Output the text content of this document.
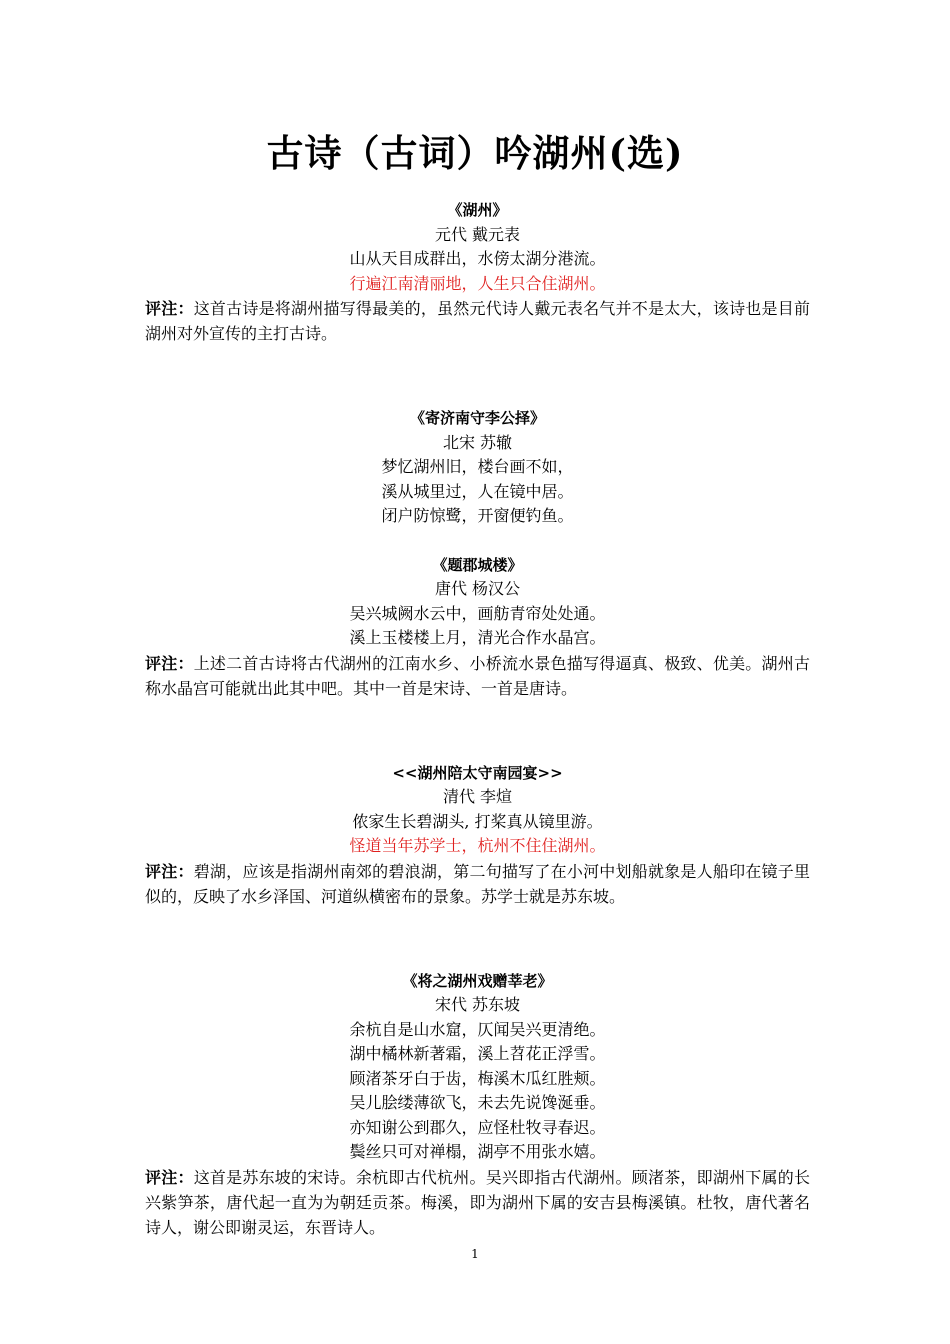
古诗（古词）吟湖州(选)

《湖州》

元代 戴元表

山从天目成群出，水傍太湖分港流。

行遍江南清丽地，人生只合住湖州。

评注：这首古诗是将湖州描写得最美的，虽然元代诗人戴元表名气并不是太大，该诗也是目前湖州对外宣传的主打古诗。

《寄济南守李公择》

北宋 苏辙

梦忆湖州旧，楼台画不如，

溪从城里过，人在镜中居。

闭户防惊鹭，开窗便钓鱼。

《题郡城楼》

唐代 杨汉公

吴兴城阙水云中，画舫青帘处处通。

溪上玉楼楼上月，清光合作水晶宫。

评注：上述二首古诗将古代湖州的江南水乡、小桥流水景色描写得逼真、极致、优美。湖州古称水晶宫可能就出此其中吧。其中一首是宋诗、一首是唐诗。

<<湖州陪太守南园宴>>

清代 李煊

侬家生长碧湖头, 打桨真从镜里游。

怪道当年苏学士，杭州不住住湖州。

评注：碧湖，应该是指湖州南郊的碧浪湖，第二句描写了在小河中划船就象是人船印在镜子里似的，反映了水乡泽国、河道纵横密布的景象。苏学士就是苏东坡。

《将之湖州戏赠莘老》

宋代 苏东坡

余杭自是山水窟，仄闻吴兴更清绝。

湖中橘林新著霜，溪上苕花正浮雪。

顾渚茶牙白于齿，梅溪木瓜红胜颊。

吴儿脍缕薄欲飞，未去先说馋涎垂。

亦知谢公到郡久，应怪杜牧寻春迟。

鬓丝只可对禅榻，湖亭不用张水嬉。

评注：这首是苏东坡的宋诗。余杭即古代杭州。吴兴即指古代湖州。顾渚茶，即湖州下属的长兴紫笋茶，唐代起一直为为朝廷贡茶。梅溪，即为湖州下属的安吉县梅溪镇。杜牧，唐代著名诗人，谢公即谢灵运，东晋诗人。

1
